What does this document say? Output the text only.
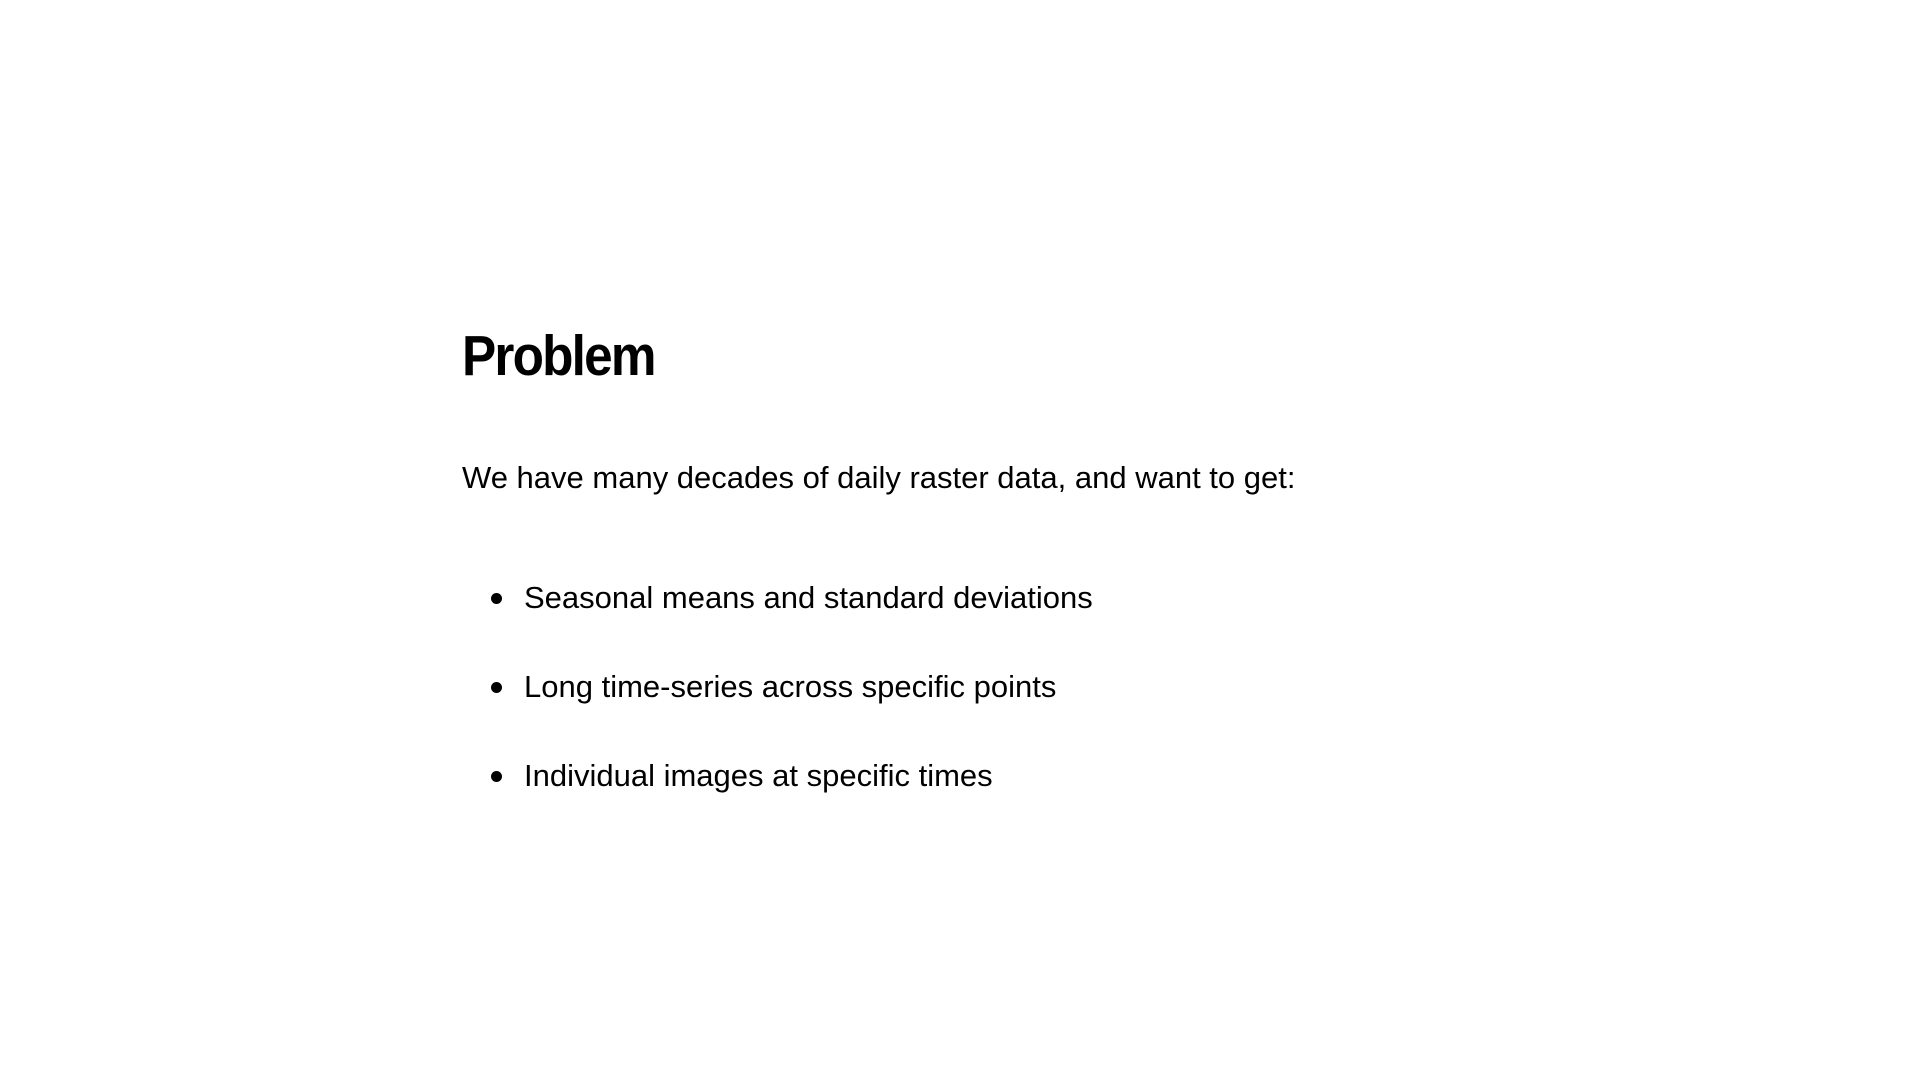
Problem

We have many decades of daily raster data, and want to get:

Seasonal means and standard deviations
Long time-series across specific points
Individual images at specific times
